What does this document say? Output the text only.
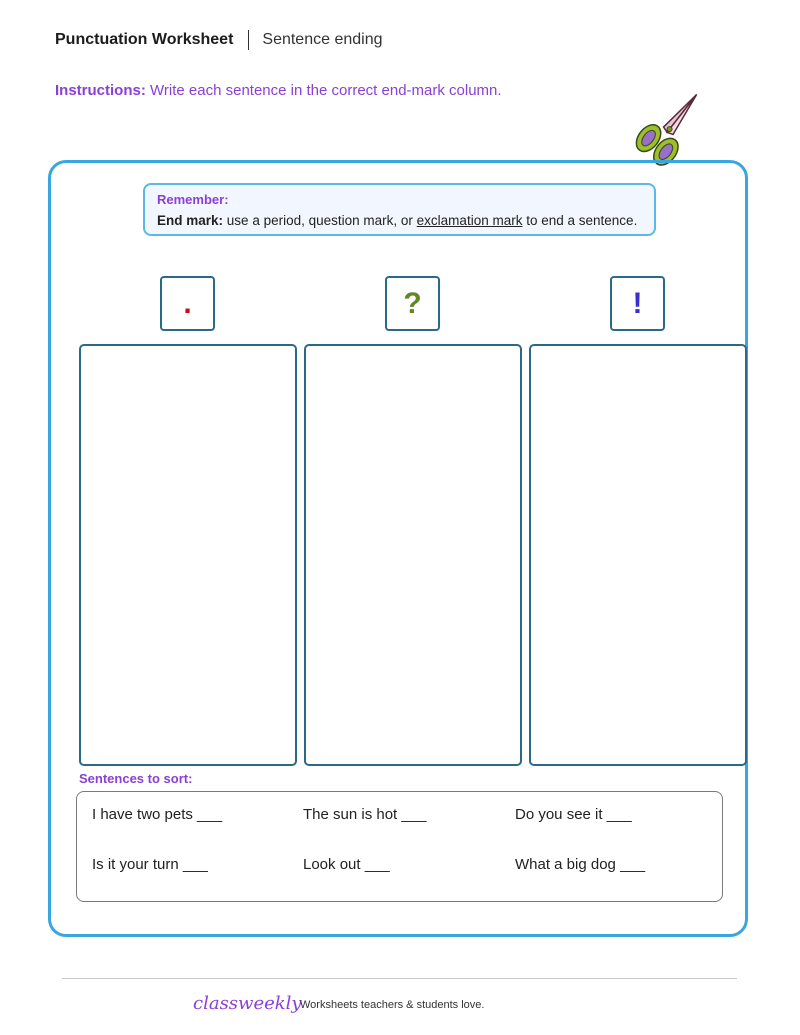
Punctuation Worksheet Sentence ending
Instructions: Write each sentence in the correct end-mark column.
Remember:
End mark: use a period, question mark, or exclamation mark to end a sentence.
.	?	!
Sentences to sort:
I have two pets ___	The sun is hot ___	Do you see it ___
Is it your turn ___	Look out ___	What a big dog ___
classweekly
Worksheets teachers & students love.
